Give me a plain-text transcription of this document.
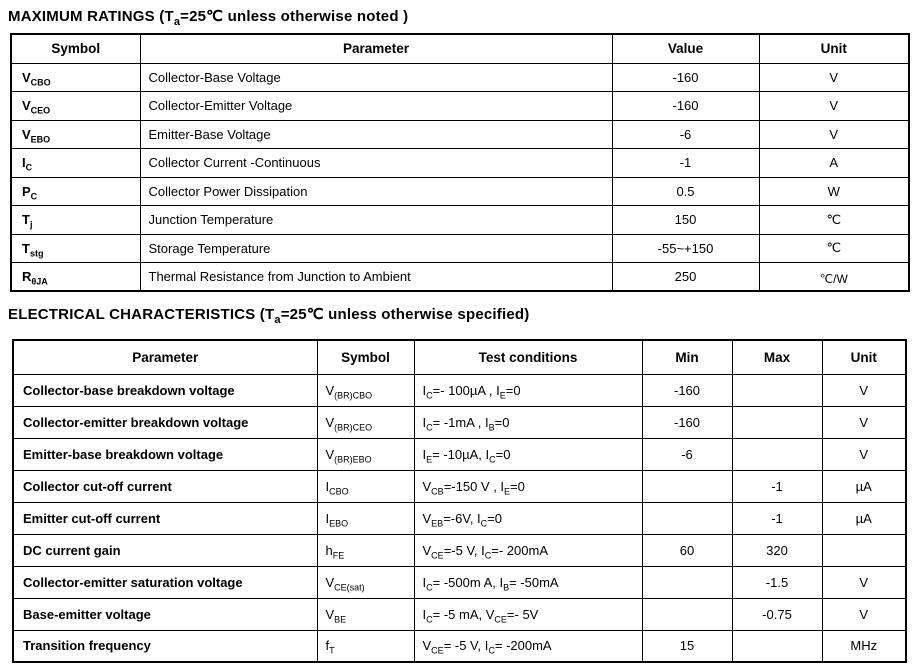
MAXIMUM RATINGS ($T_a=25℃$ unless otherwise noted )
Symbol	Parameter	Value	Unit
$V_{CBO}$	Collector-Base Voltage	-160	V
$V_{CEO}$	Collector-Emitter Voltage	-160	V
$V_{EBO}$	Emitter-Base Voltage	-6	V
$I_C$	Collector Current -Continuous	-1	A
$P_C$	Collector Power Dissipation	0.5	W
$T_j$	Junction Temperature	150	℃
$T_{stg}$	Storage Temperature	-55~+150	℃
$R_{\theta JA}$	Thermal Resistance from Junction to Ambient	250	℃/W
ELECTRICAL CHARACTERISTICS ($T_a=25℃$ unless otherwise specified)
Parameter	Symbol	Test conditions	Min	Max	Unit
Collector-base breakdown voltage	$V_{(BR)CBO}$	$I_C=-$ 100µA , $I_E=0$	-160		V
Collector-emitter breakdown voltage	$V_{(BR)CEO}$	$I_C= -1mA$ , $I_B=0$	-160		V
Emitter-base breakdown voltage	$V_{(BR)EBO}$	$I_E= -10\mu A$, $I_C=0$	-6		V
Collector cut-off current	$I_{CBO}$	$V_{CB}=-150$ V , $I_E=0$		-1	µA
Emitter cut-off current	$I_{EBO}$	$V_{EB}=-6V$, $I_C=0$		-1	µA
DC current gain	$h_{FE}$	$V_{CE}=-5$ V, $I_C=-$ 200mA	60	320	
Collector-emitter saturation voltage	$V_{CE(sat)}$	$I_C= -500m$ A, $I_B= -50mA$		-1.5	V
Base-emitter voltage	$V_{BE}$	$I_C= -5$ mA, $V_{CE}=-$ 5V		-0.75	V
Transition frequency	$f_T$	$V_{CE}= -5$ V, $I_C= -200mA$	15		MHz
